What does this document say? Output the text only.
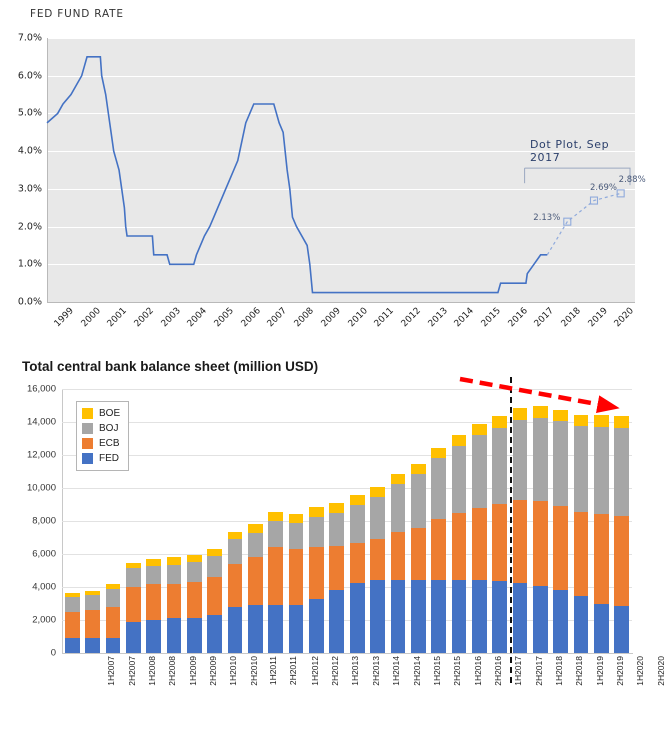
FED FUND RATE
0.0%
1.0%
2.0%
3.0%
4.0%
5.0%
6.0%
7.0%
1999 2000 2001 2002 2003 2004 2005 2006 2007 2008 2009 2010 2011 2012 2013 2014 2015 2016 2017 2018 2019 2020
Dot Plot, Sep 2017
2.13%
2.69%
2.88%
Total central bank balance sheet (million USD)
0
2,000
4,000
6,000
8,000
10,000
12,000
14,000
16,000
1H2007 2H2007 1H2008 2H2008 1H2009 2H2009 1H2010 2H2010 1H2011 2H2011 1H2012 2H2012 1H2013 2H2013 1H2014 2H2014 1H2015 2H2015 1H2016 2H2016 1H2017 2H2017 1H2018 2H2018 1H2019 2H2019 1H2020 2H2020
BOE
BOJ
ECB
FED
